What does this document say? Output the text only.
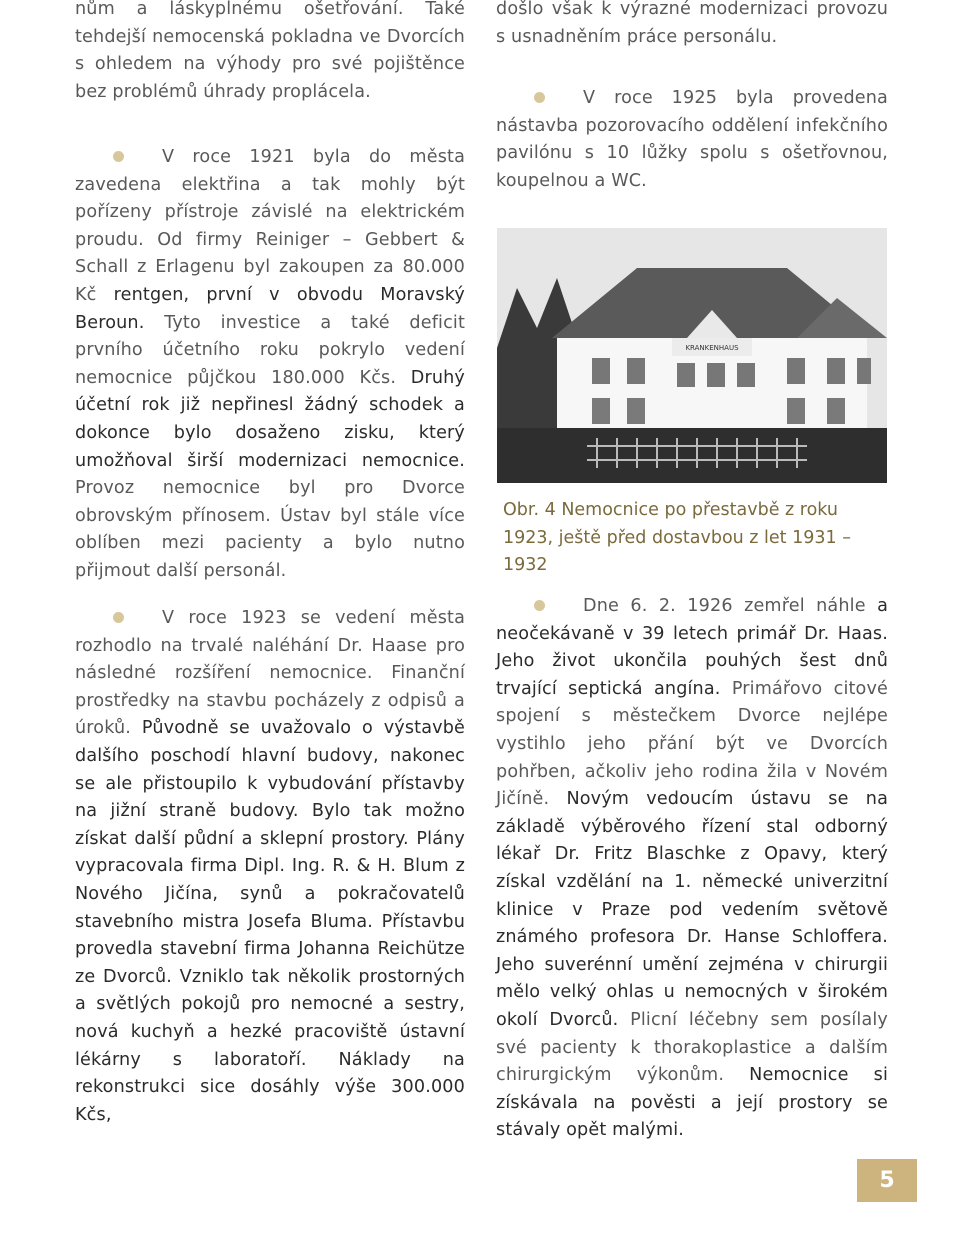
nům a láskyplnému ošetřování. Také tehdejší nemocenská pokladna ve Dvorcích s ohledem na výhody pro své pojištěnce bez problémů úhrady proplácela.

V roce 1921 byla do města zavedena elektřina a tak mohly být pořízeny přístroje závislé na elektrickém proudu. Od firmy Reiniger – Gebbert & Schall z Erlagenu byl zakoupen za 80.000 Kč rentgen, první v obvodu Moravský Beroun. Tyto investice a také deficit prvního účetního roku pokrylo vedení nemocnice půjčkou 180.000 Kčs. Druhý účetní rok již nepřinesl žádný schodek a dokonce bylo dosaženo zisku, který umožňoval širší modernizaci nemocnice. Provoz nemocnice byl pro Dvorce obrovským přínosem. Ústav byl stále více oblíben mezi pacienty a bylo nutno přijmout další personál.

V roce 1923 se vedení města rozhodlo na trvalé naléhání Dr. Haase pro následné rozšíření nemocnice. Finanční prostředky na stavbu pocházely z odpisů a úroků. Původně se uvažovalo o výstavbě dalšího poschodí hlavní budovy, nakonec se ale přistoupilo k vybudování přístavby na jižní straně budovy. Bylo tak možno získat další půdní a sklepní prostory. Plány vypracovala firma Dipl. Ing. R. & H. Blum z Nového Jičína, synů a pokračovatelů stavebního mistra Josefa Bluma. Přístavbu provedla stavební firma Johanna Reichütze ze Dvorců. Vzniklo tak několik prostorných a světlých pokojů pro nemocné a sestry, nová kuchyň a hezké pracoviště ústavní lékárny s laboratoří. Náklady na rekonstrukci sice dosáhly výše 300.000 Kčs,

došlo však k výrazné modernizaci provozu s usnadněním práce personálu.

V roce 1925 byla provedena nástavba pozorovacího oddělení infekčního pavilónu s 10 lůžky spolu s ošetřovnou, koupelnou a WC.

Dne 6. 2. 1926 zemřel náhle a neočekávaně v 39 letech primář Dr. Haas. Jeho život ukončila pouhých šest dnů trvající septická angína. Primářovo citové spojení s městečkem Dvorce nejlépe vystihlo jeho přání být ve Dvorcích pohřben, ačkoliv jeho rodina žila v Novém Jičíně. Novým vedoucím ústavu se na základě výběrového řízení stal odborný lékař Dr. Fritz Blaschke z Opavy, který získal vzdělání na 1. německé univerzitní klinice v Praze pod vedením světově známého profesora Dr. Hanse Schloffera. Jeho suverénní umění zejména v chirurgii mělo velký ohlas u nemocných v širokém okolí Dvorců. Plicní léčebny sem posílaly své pacienty k thorakoplastice a dalším chirurgickým výkonům. Nemocnice si získávala na pověsti a její prostory se stávaly opět malými.

KRANKENHAUS
Obr. 4 Nemocnice po přestavbě z roku 1923, ještě před dostavbou z let 1931 – 1932
5
